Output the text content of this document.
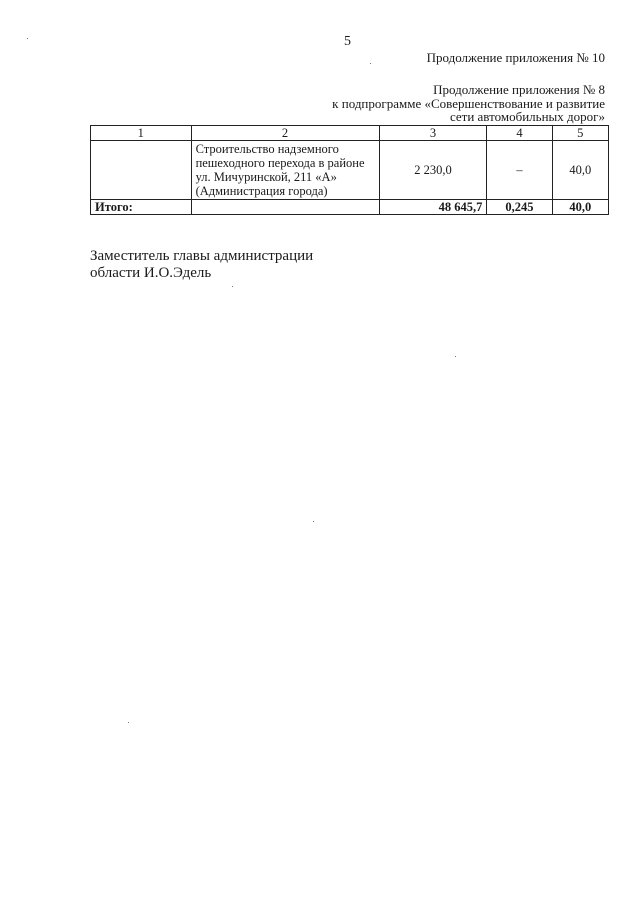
5
Продолжение приложения № 10
Продолжение приложения № 8
к подпрограмме «Совершенствование и развитие
сети автомобильных дорог»
1	2	3	4	5

	Строительство надземного
пешеходного перехода в районе
ул. Мичуринской, 211 «А»
(Администрация города)	2 230,0	–	40,0
Итого:		48 645,7	0,245	40,0
Заместитель главы администрации
области И.О.Эдель
